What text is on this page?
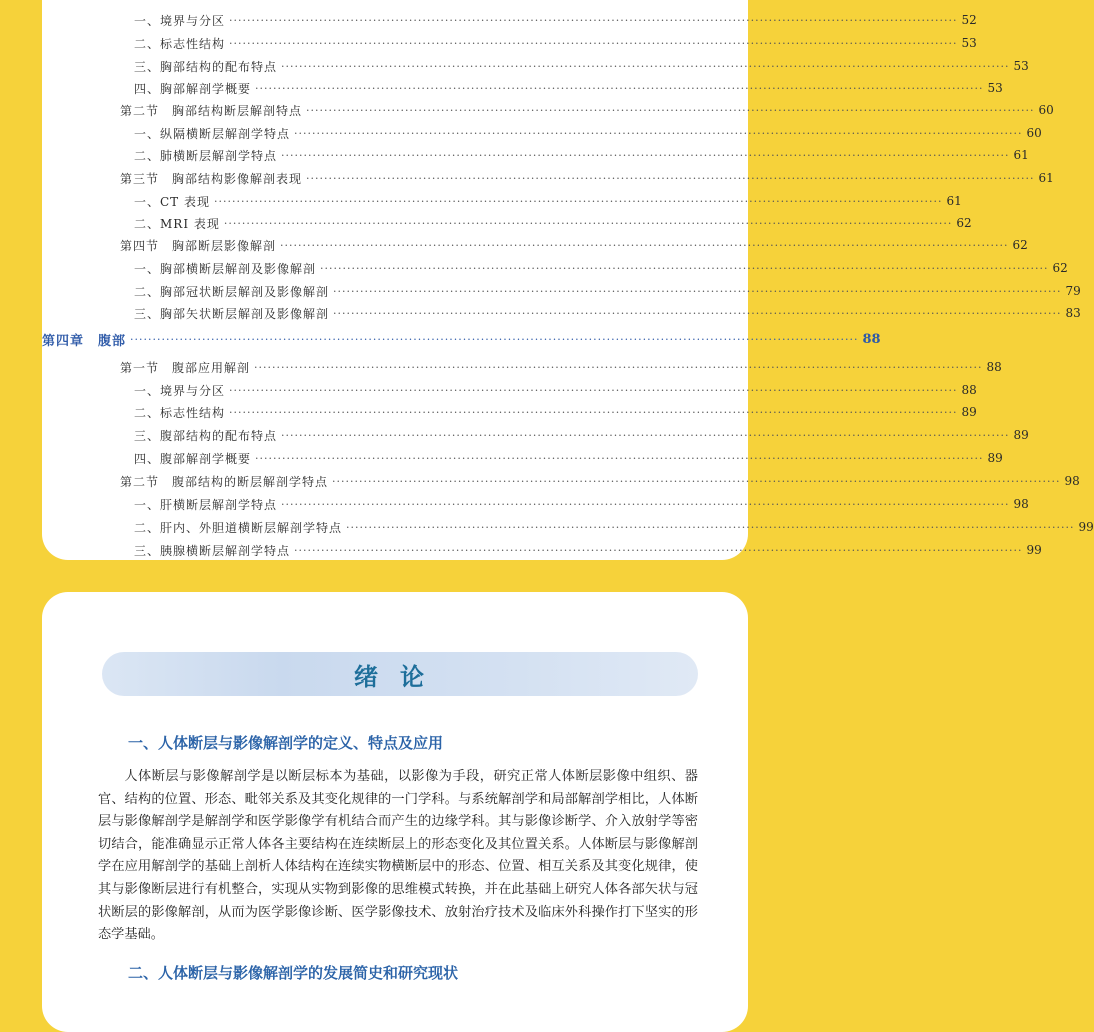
一、境界与分区 ·····	52
二、标志性结构 ·····	53
三、胸部结构的配布特点 ·····	53
四、胸部解剖学概要 ·····	53
第二节　胸部结构断层解剖特点 ·····	60
一、纵隔横断层解剖学特点 ·····	60
二、肺横断层解剖学特点 ·····	61
第三节　胸部结构影像解剖表现 ·····	61
一、CT 表现 ·····	61
二、MRI 表现 ·····	62
第四节　胸部断层影像解剖 ·····	62
一、胸部横断层解剖及影像解剖 ·····	62
二、胸部冠状断层解剖及影像解剖 ·····	79
三、胸部矢状断层解剖及影像解剖 ·····	83
第四章　腹部 ·····	88
第一节　腹部应用解剖 ·····	88
一、境界与分区 ·····	88
二、标志性结构 ·····	89
三、腹部结构的配布特点 ·····	89
四、腹部解剖学概要 ·····	89
第二节　腹部结构的断层解剖学特点 ·····	98
一、肝横断层解剖学特点 ·····	98
二、肝内、外胆道横断层解剖学特点 ·····	99
三、胰腺横断层解剖学特点 ·····	99
绪论
一、人体断层与影像解剖学的定义、特点及应用

人体断层与影像解剖学是以断层标本为基础，以影像为手段，研究正常人体断层影像中组织、器官、结构的位置、形态、毗邻关系及其变化规律的一门学科。与系统解剖学和局部解剖学相比，人体断层与影像解剖学是解剖学和医学影像学有机结合而产生的边缘学科。其与影像诊断学、介入放射学等密切结合，能准确显示正常人体各主要结构在连续断层上的形态变化及其位置关系。人体断层与影像解剖学在应用解剖学的基础上剖析人体结构在连续实物横断层中的形态、位置、相互关系及其变化规律，使其与影像断层进行有机整合，实现从实物到影像的思维模式转换，并在此基础上研究人体各部矢状与冠状断层的影像解剖，从而为医学影像诊断、医学影像技术、放射治疗技术及临床外科操作打下坚实的形态学基础。

二、人体断层与影像解剖学的发展简史和研究现状
